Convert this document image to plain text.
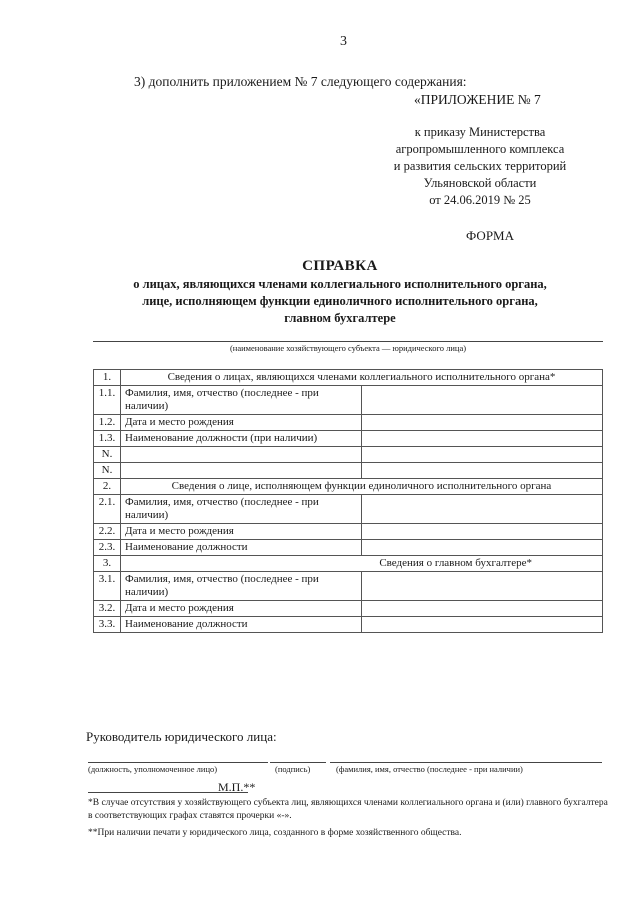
3
3) дополнить приложением № 7 следующего содержания:
«ПРИЛОЖЕНИЕ № 7
к приказу Министерства
агропромышленного комплекса
и развития сельских территорий
Ульяновской области
от 24.06.2019 № 25
ФОРМА
СПРАВКА
о лицах, являющихся членами коллегиального исполнительного органа,
лице, исполняющем функции единоличного исполнительного органа,
главном бухгалтере
(наименование хозяйствующего субъекта — юридического лица)
1.	Сведения о лицах, являющихся членами коллегиального исполнительного органа*	
1.1.	Фамилия, имя, отчество (последнее - при наличии)	
1.2.	Дата и место рождения	
1.3.	Наименование должности (при наличии)	
N.		
N.		
2.	Сведения о лице, исполняющем функции единоличного исполнительного органа	
2.1.	Фамилия, имя, отчество (последнее - при наличии)	
2.2.	Дата и место рождения	
2.3.	Наименование должности	
3.	Сведения о главном бухгалтере*	
3.1.	Фамилия, имя, отчество (последнее - при наличии)	
3.2.	Дата и место рождения	
3.3.	Наименование должности	
Руководитель юридического лица:
(должность, уполномоченное лицо)	(подпись)	(фамилия, имя, отчество (последнее - при наличии)
М.П.**
*В случае отсутствия у хозяйствующего субъекта лиц, являющихся членами коллегиального органа и (или) главного бухгалтера в соответствующих графах ставятся прочерки «-».
**При наличии печати у юридического лица, созданного в форме хозяйственного общества.
